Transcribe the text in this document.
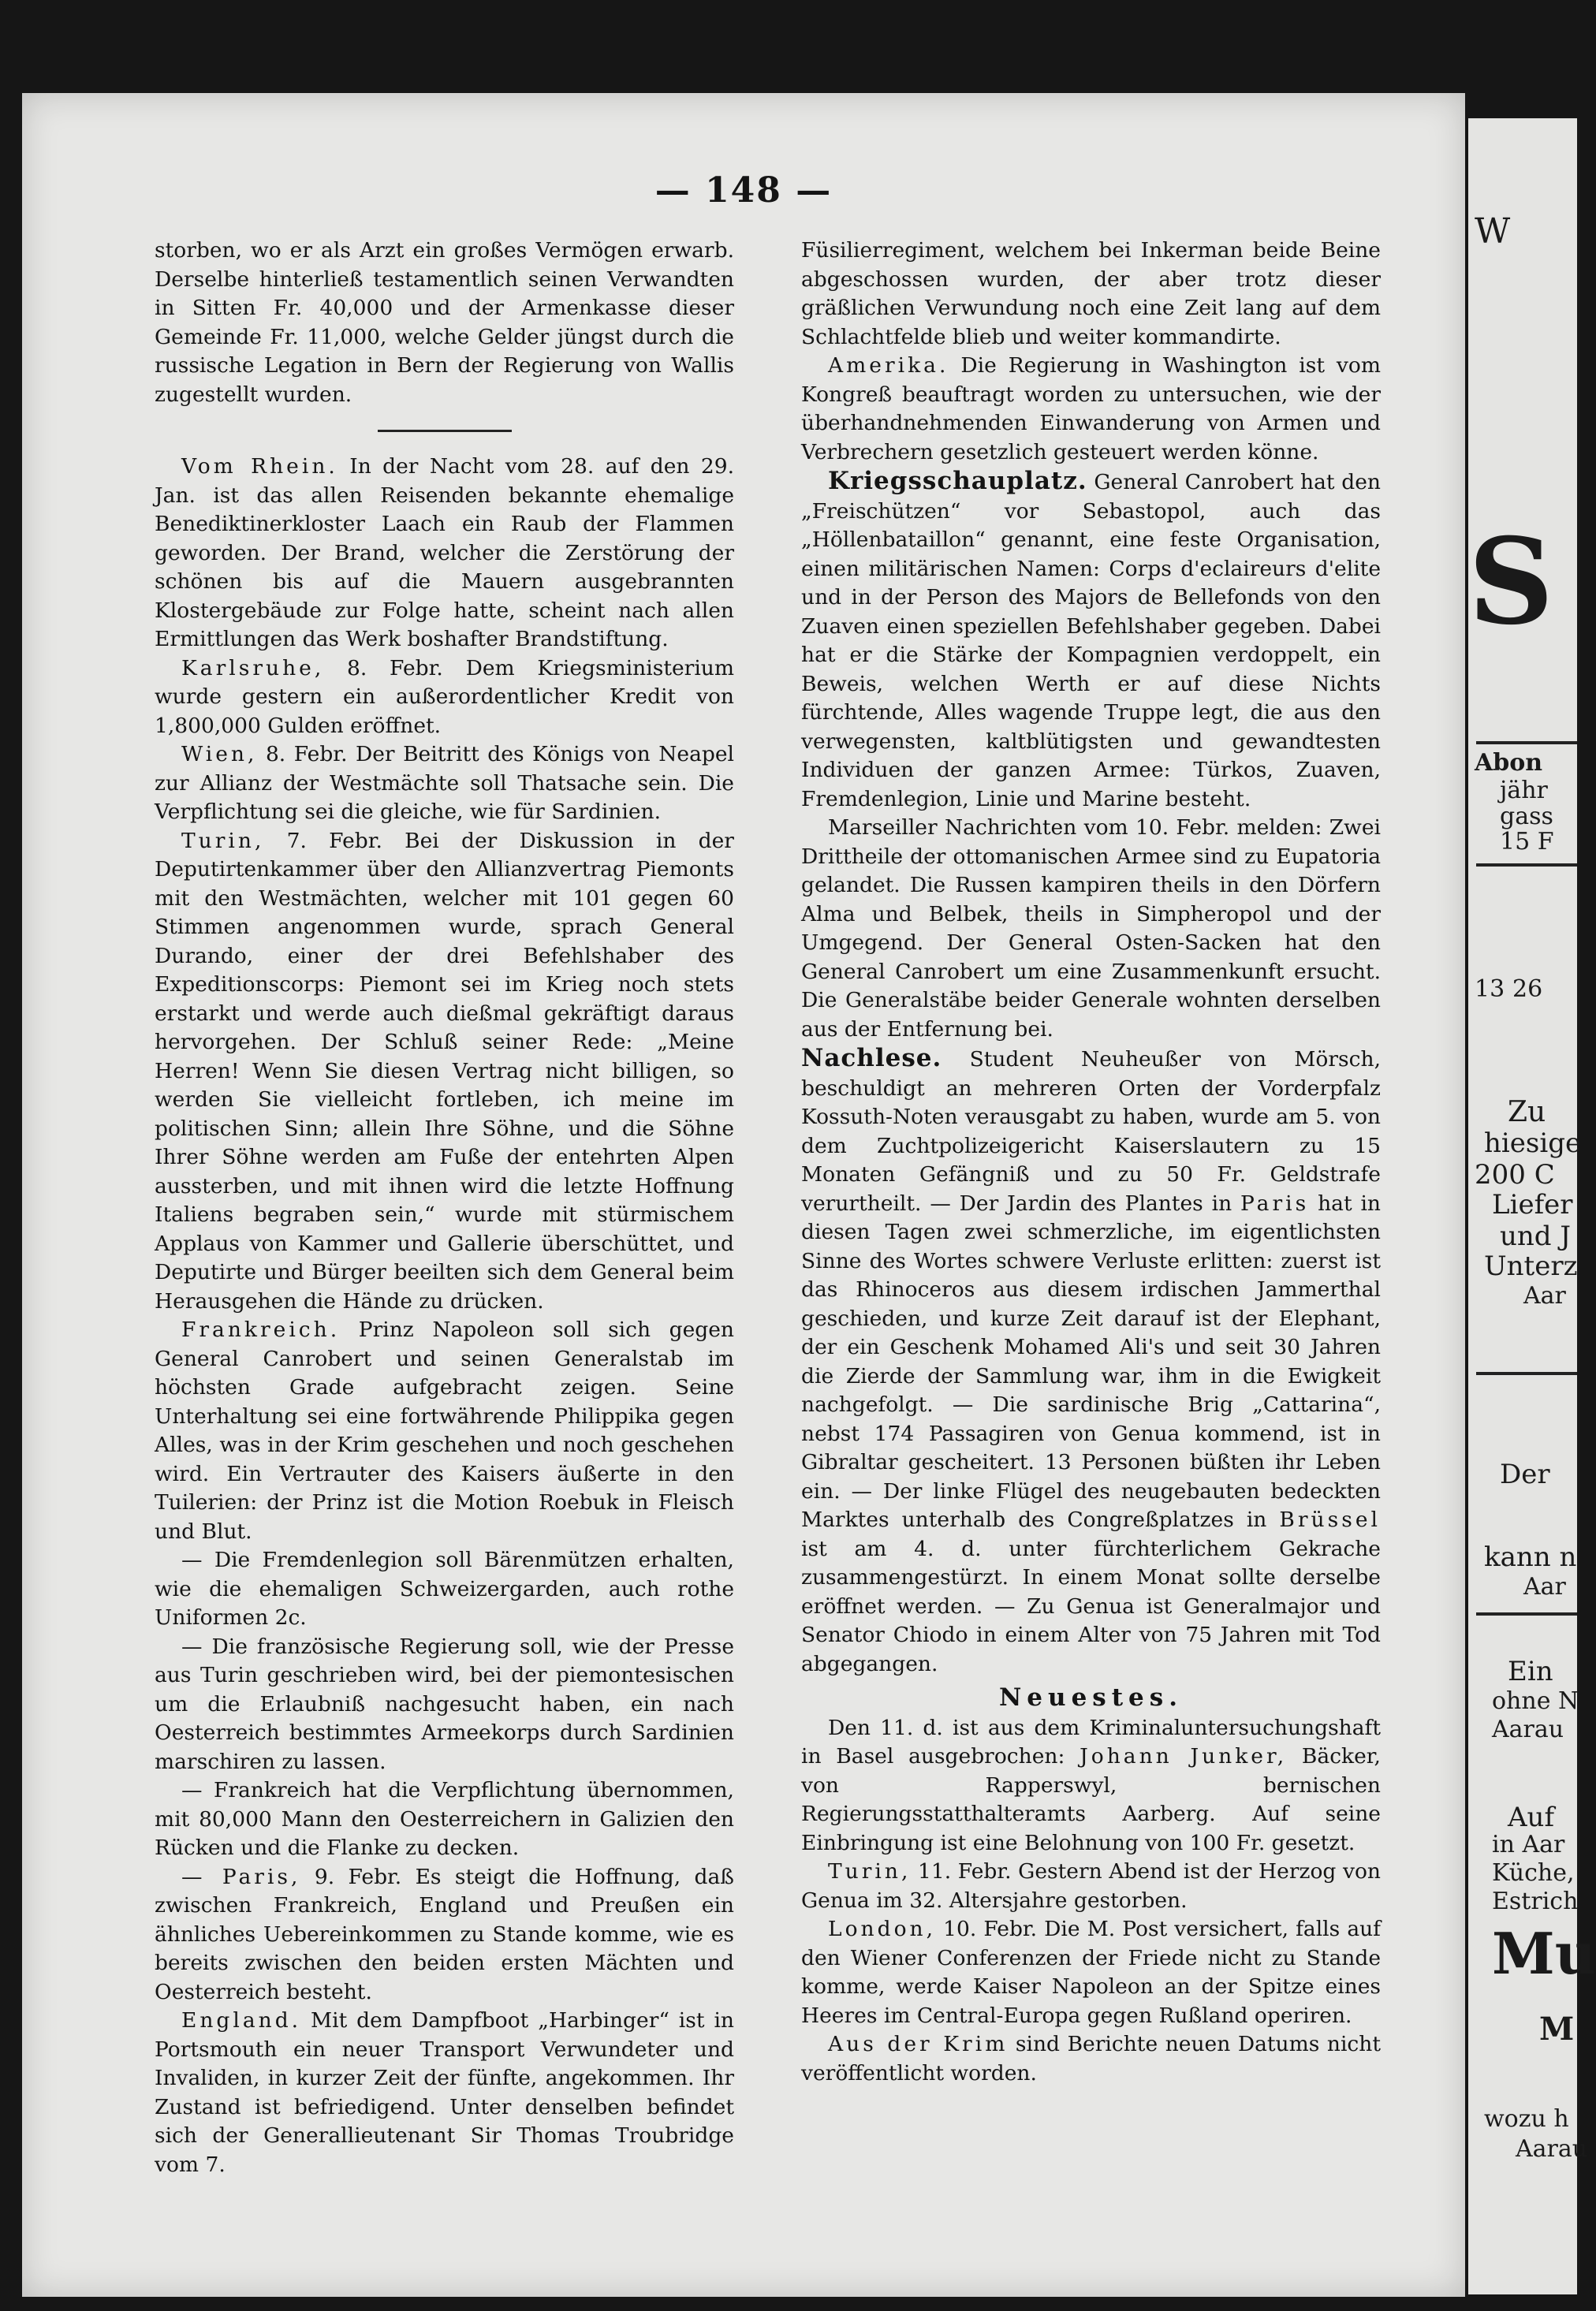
— 148 —

storben, wo er als Arzt ein großes Vermögen erwarb. Derselbe hinterließ testamentlich seinen Verwandten in Sitten Fr. 40,000 und der Armenkasse dieser Gemeinde Fr. 11,000, welche Gelder jüngst durch die russische Legation in Bern der Regierung von Wallis zugestellt wurden.

Vom Rhein. In der Nacht vom 28. auf den 29. Jan. ist das allen Reisenden bekannte ehemalige Benediktinerkloster Laach ein Raub der Flammen geworden. Der Brand, welcher die Zerstörung der schönen bis auf die Mauern ausgebrannten Klostergebäude zur Folge hatte, scheint nach allen Ermittlungen das Werk boshafter Brandstiftung.

Karlsruhe, 8. Febr. Dem Kriegsministerium wurde gestern ein außerordentlicher Kredit von 1,800,000 Gulden eröffnet.

Wien, 8. Febr. Der Beitritt des Königs von Neapel zur Allianz der Westmächte soll Thatsache sein. Die Verpflichtung sei die gleiche, wie für Sardinien.

Turin, 7. Febr. Bei der Diskussion in der Deputirtenkammer über den Allianzvertrag Piemonts mit den Westmächten, welcher mit 101 gegen 60 Stimmen angenommen wurde, sprach General Durando, einer der drei Befehlshaber des Expeditionscorps: Piemont sei im Krieg noch stets erstarkt und werde auch dießmal gekräftigt daraus hervorgehen. Der Schluß seiner Rede: „Meine Herren! Wenn Sie diesen Vertrag nicht billigen, so werden Sie vielleicht fortleben, ich meine im politischen Sinn; allein Ihre Söhne, und die Söhne Ihrer Söhne werden am Fuße der entehrten Alpen aussterben, und mit ihnen wird die letzte Hoffnung Italiens begraben sein,“ wurde mit stürmischem Applaus von Kammer und Gallerie überschüttet, und Deputirte und Bürger beeilten sich dem General beim Herausgehen die Hände zu drücken.

Frankreich. Prinz Napoleon soll sich gegen General Canrobert und seinen Generalstab im höchsten Grade aufgebracht zeigen. Seine Unterhaltung sei eine fortwährende Philippika gegen Alles, was in der Krim geschehen und noch geschehen wird. Ein Vertrauter des Kaisers äußerte in den Tuilerien: der Prinz ist die Motion Roebuk in Fleisch und Blut.

— Die Fremdenlegion soll Bärenmützen erhalten, wie die ehemaligen Schweizergarden, auch rothe Uniformen 2c.

— Die französische Regierung soll, wie der Presse aus Turin geschrieben wird, bei der piemontesischen um die Erlaubniß nachgesucht haben, ein nach Oesterreich bestimmtes Armeekorps durch Sardinien marschiren zu lassen.

— Frankreich hat die Verpflichtung übernommen, mit 80,000 Mann den Oesterreichern in Galizien den Rücken und die Flanke zu decken.

— Paris, 9. Febr. Es steigt die Hoffnung, daß zwischen Frankreich, England und Preußen ein ähnliches Uebereinkommen zu Stande komme, wie es bereits zwischen den beiden ersten Mächten und Oesterreich besteht.

England. Mit dem Dampfboot „Harbinger“ ist in Portsmouth ein neuer Transport Verwundeter und Invaliden, in kurzer Zeit der fünfte, angekommen. Ihr Zustand ist befriedigend. Unter denselben befindet sich der Generallieutenant Sir Thomas Troubridge vom 7.

Füsilierregiment, welchem bei Inkerman beide Beine abgeschossen wurden, der aber trotz dieser gräßlichen Verwundung noch eine Zeit lang auf dem Schlachtfelde blieb und weiter kommandirte.

Amerika. Die Regierung in Washington ist vom Kongreß beauftragt worden zu untersuchen, wie der überhandnehmenden Einwanderung von Armen und Verbrechern gesetzlich gesteuert werden könne.

Kriegsschauplatz. General Canrobert hat den „Freischützen“ vor Sebastopol, auch das „Höllenbataillon“ genannt, eine feste Organisation, einen militärischen Namen: Corps d'eclaireurs d'elite und in der Person des Majors de Bellefonds von den Zuaven einen speziellen Befehlshaber gegeben. Dabei hat er die Stärke der Kompagnien verdoppelt, ein Beweis, welchen Werth er auf diese Nichts fürchtende, Alles wagende Truppe legt, die aus den verwegensten, kaltblütigsten und gewandtesten Individuen der ganzen Armee: Türkos, Zuaven, Fremdenlegion, Linie und Marine besteht.

Marseiller Nachrichten vom 10. Febr. melden: Zwei Drittheile der ottomanischen Armee sind zu Eupatoria gelandet. Die Russen kampiren theils in den Dörfern Alma und Belbek, theils in Simpheropol und der Umgegend. Der General Osten-Sacken hat den General Canrobert um eine Zusammenkunft ersucht. Die Generalstäbe beider Generale wohnten derselben aus der Entfernung bei.

Nachlese. Student Neuheußer von Mörsch, beschuldigt an mehreren Orten der Vorderpfalz Kossuth-Noten verausgabt zu haben, wurde am 5. von dem Zuchtpolizeigericht Kaiserslautern zu 15 Monaten Gefängniß und zu 50 Fr. Geldstrafe verurtheilt. — Der Jardin des Plantes in Paris hat in diesen Tagen zwei schmerzliche, im eigentlichsten Sinne des Wortes schwere Verluste erlitten: zuerst ist das Rhinoceros aus diesem irdischen Jammerthal geschieden, und kurze Zeit darauf ist der Elephant, der ein Geschenk Mohamed Ali's und seit 30 Jahren die Zierde der Sammlung war, ihm in die Ewigkeit nachgefolgt. — Die sardinische Brig „Cattarina“, nebst 174 Passagiren von Genua kommend, ist in Gibraltar gescheitert. 13 Personen büßten ihr Leben ein. — Der linke Flügel des neugebauten bedeckten Marktes unterhalb des Congreßplatzes in Brüssel ist am 4. d. unter fürchterlichem Gekrache zusammengestürzt. In einem Monat sollte derselbe eröffnet werden. — Zu Genua ist Generalmajor und Senator Chiodo in einem Alter von 75 Jahren mit Tod abgegangen.

Neuestes.

Den 11. d. ist aus dem Kriminaluntersuchungshaft in Basel ausgebrochen: Johann Junker, Bäcker, von Rapperswyl, bernischen Regierungsstatthalteramts Aarberg. Auf seine Einbringung ist eine Belohnung von 100 Fr. gesetzt.

Turin, 11. Febr. Gestern Abend ist der Herzog von Genua im 32. Altersjahre gestorben.

London, 10. Febr. Die M. Post versichert, falls auf den Wiener Conferenzen der Friede nicht zu Stande komme, werde Kaiser Napoleon an der Spitze eines Heeres im Central-Europa gegen Rußland operiren.

Aus der Krim sind Berichte neuen Datums nicht veröffentlicht worden.

W
S
Abon
jähr
gass
15 F
13 26
Zu
hiesige
200 C
Liefer
und J
Unterz
Aar
Der
kann n
Aar
Ein
ohne N
Aarau
Auf
in Aar
Küche,
Estrich
Mu
M
wozu h
Aarau
